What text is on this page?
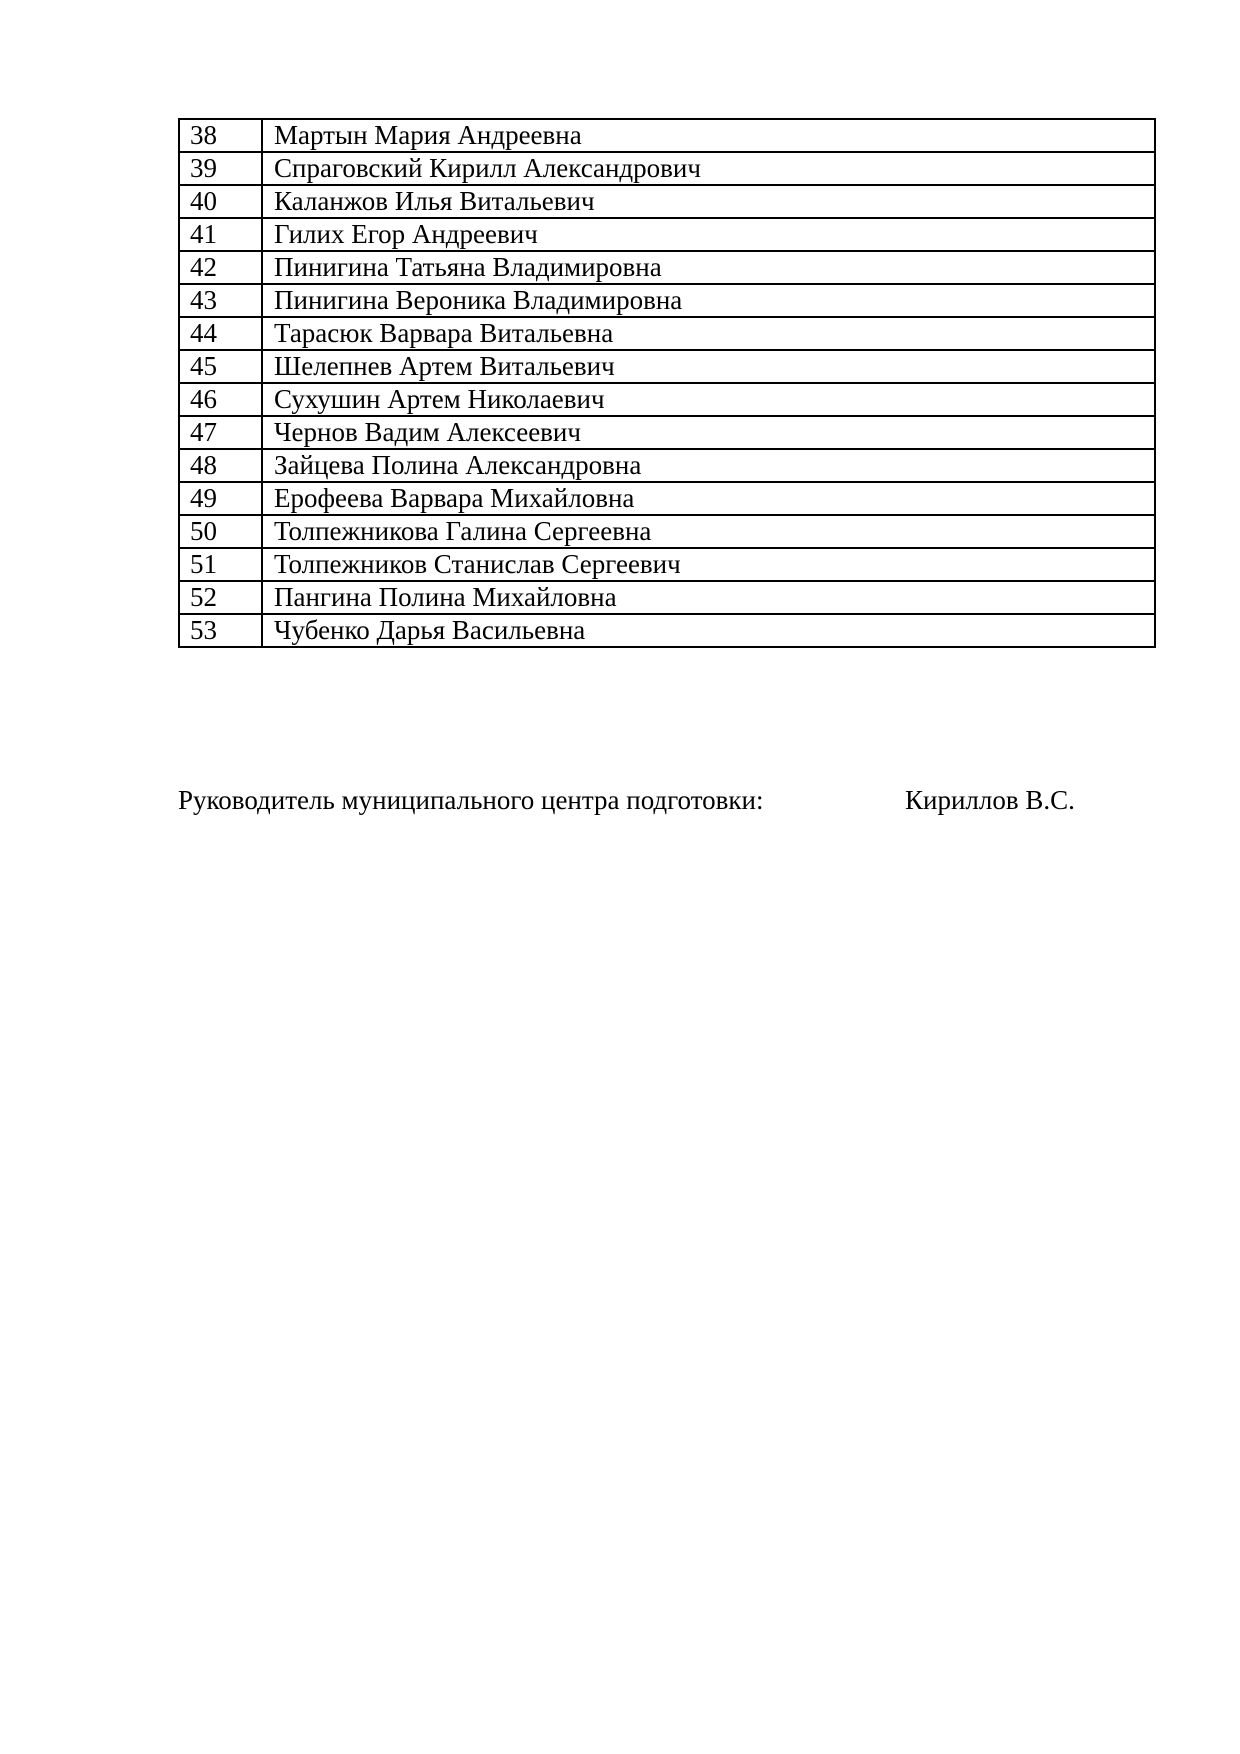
38	Мартын Мария Андреевна
39	Спраговский Кирилл Александрович
40	Каланжов Илья Витальевич
41	Гилих Егор Андреевич
42	Пинигина Татьяна Владимировна
43	Пинигина Вероника Владимировна
44	Тарасюк Варвара Витальевна
45	Шелепнев Артем Витальевич
46	Сухушин Артем Николаевич
47	Чернов Вадим Алексеевич
48	Зайцева Полина Александровна
49	Ерофеева Варвара Михайловна
50	Толпежникова Галина Сергеевна
51	Толпежников Станислав Сергеевич
52	Пангина Полина Михайловна
53	Чубенко Дарья Васильевна
Руководитель муниципального центра подготовки:	Кириллов В.С.
